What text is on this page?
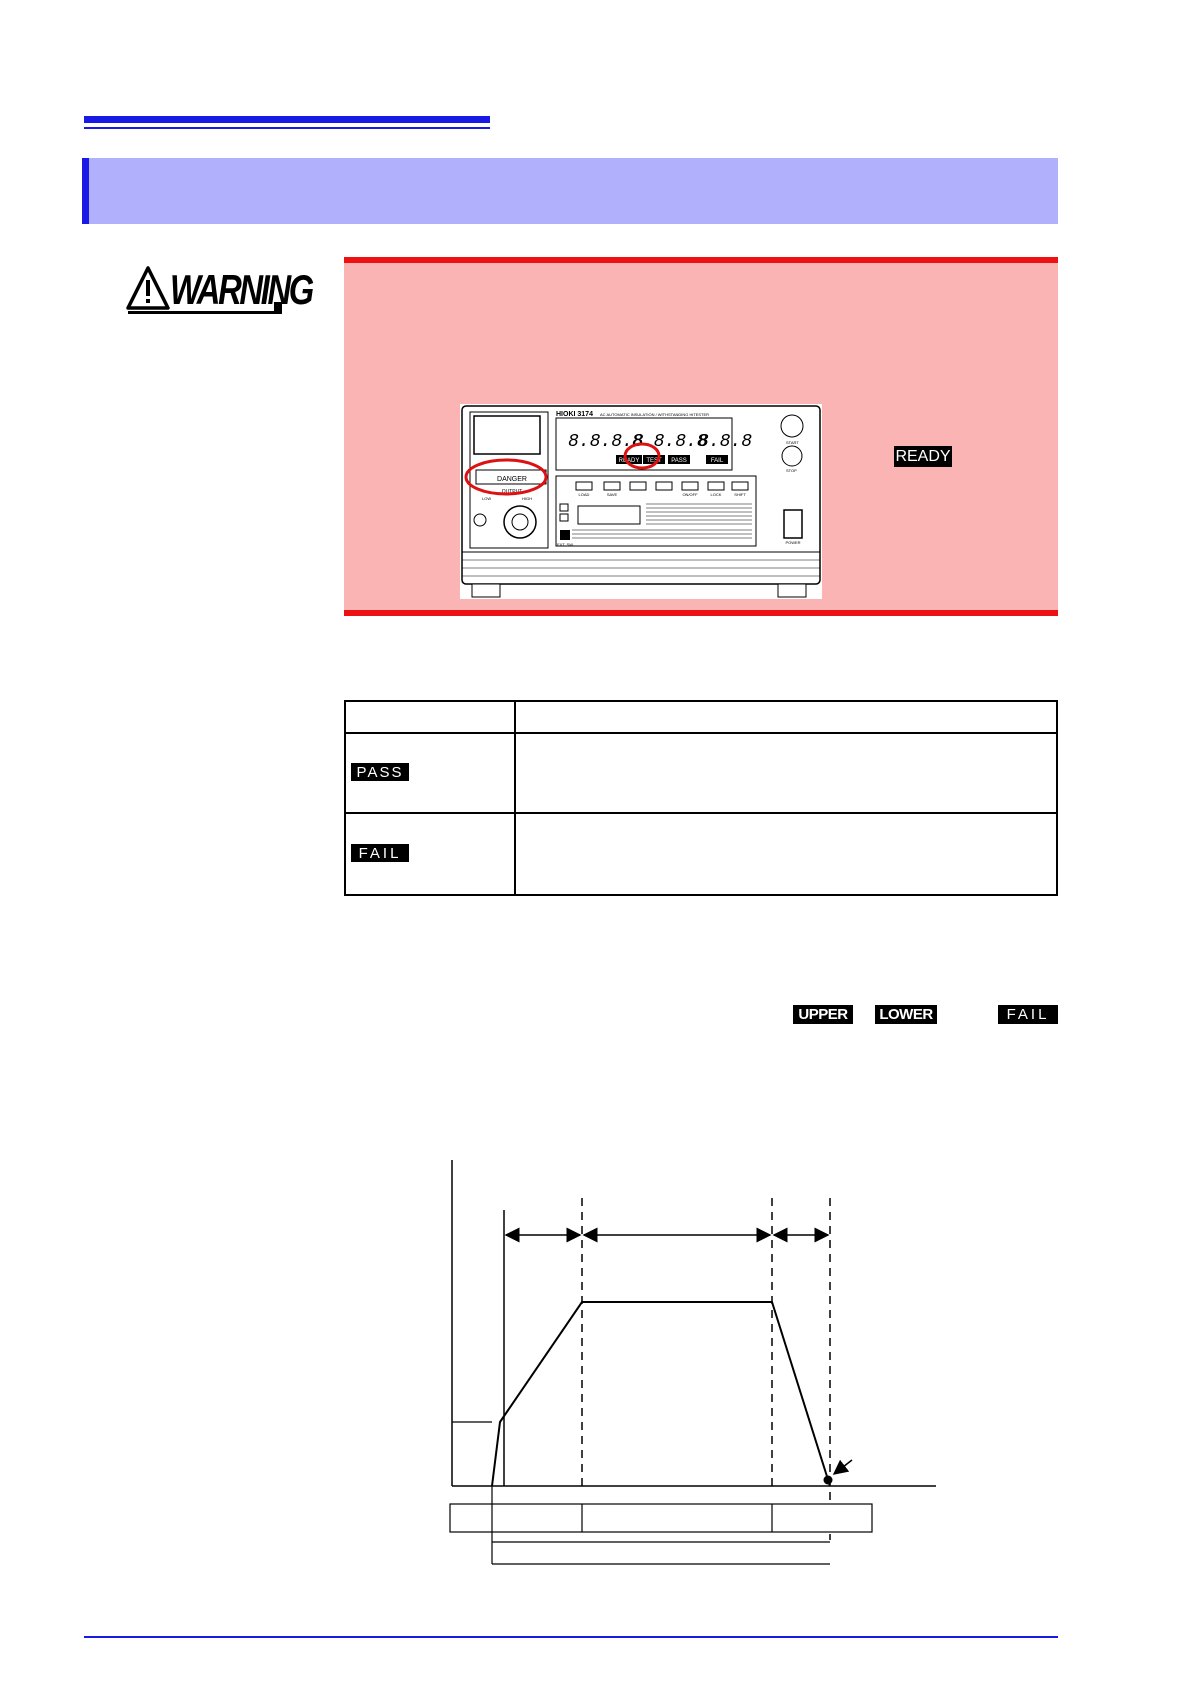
WARNING
DANGER
OUTPUT
LOW	HIGH
HIOKI 3174 AC AUTOMATIC INSULATION / WITHSTANDING HiTESTER
8.8.8.8
8.8.8.8
8.8.8
READY TEST PASS	FAIL
LOAD	SAVE	ON/OFF	LOCK	SHIFT
EXT. SW
START
STOP
POWER
READY
PASS
FAIL
UPPER	LOWER	FAIL
